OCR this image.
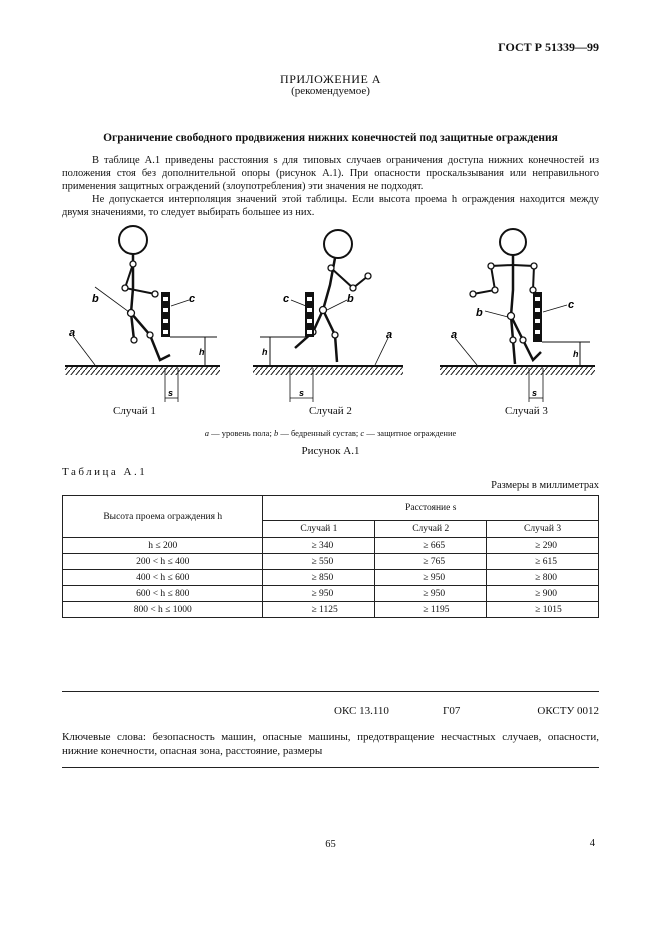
ГОСТ Р 51339—99
ПРИЛОЖЕНИЕ А
(рекомендуемое)
Ограничение свободного продвижения нижних конечностей под защитные ограждения

В таблице А.1 приведены расстояния s для типовых случаев ограничения доступа нижних конечностей из положения стоя без дополнительной опоры (рисунок А.1). При опасности проскальзывания или неправильного применения защитных ограждений (злоупотребления) эти значения не подходят.

Не допускается интерполяция значений этой таблицы. Если высота проема h ограждения находится между двумя значениями, то следует выбирать большее из них.

b	c
a
h
s
c	b
a
h
s
b
c
a
h
s
Случай 1	Случай 2	Случай 3
a — уровень пола; b — бедренный сустав; c — защитное ограждение
Рисунок А.1
Таблица А.1
Размеры в миллиметрах
Высота проема ограждения h	Расстояние s		
	Случай 1	Случай 2	Случай 3
h ≤ 200	≥ 340	≥ 665	≥ 290
200 < h ≤ 400	≥ 550	≥ 765	≥ 615
400 < h ≤ 600	≥ 850	≥ 950	≥ 800
600 < h ≤ 800	≥ 950	≥ 950	≥ 900
800 < h ≤ 1000	≥ 1125	≥ 1195	≥ 1015
ОКС 13.110	Г07	ОКСТУ 0012
Ключевые слова: безопасность машин, опасные машины, предотвращение несчастных случаев, опасности, нижние конечности, опасная зона, расстояние, размеры
65	4
